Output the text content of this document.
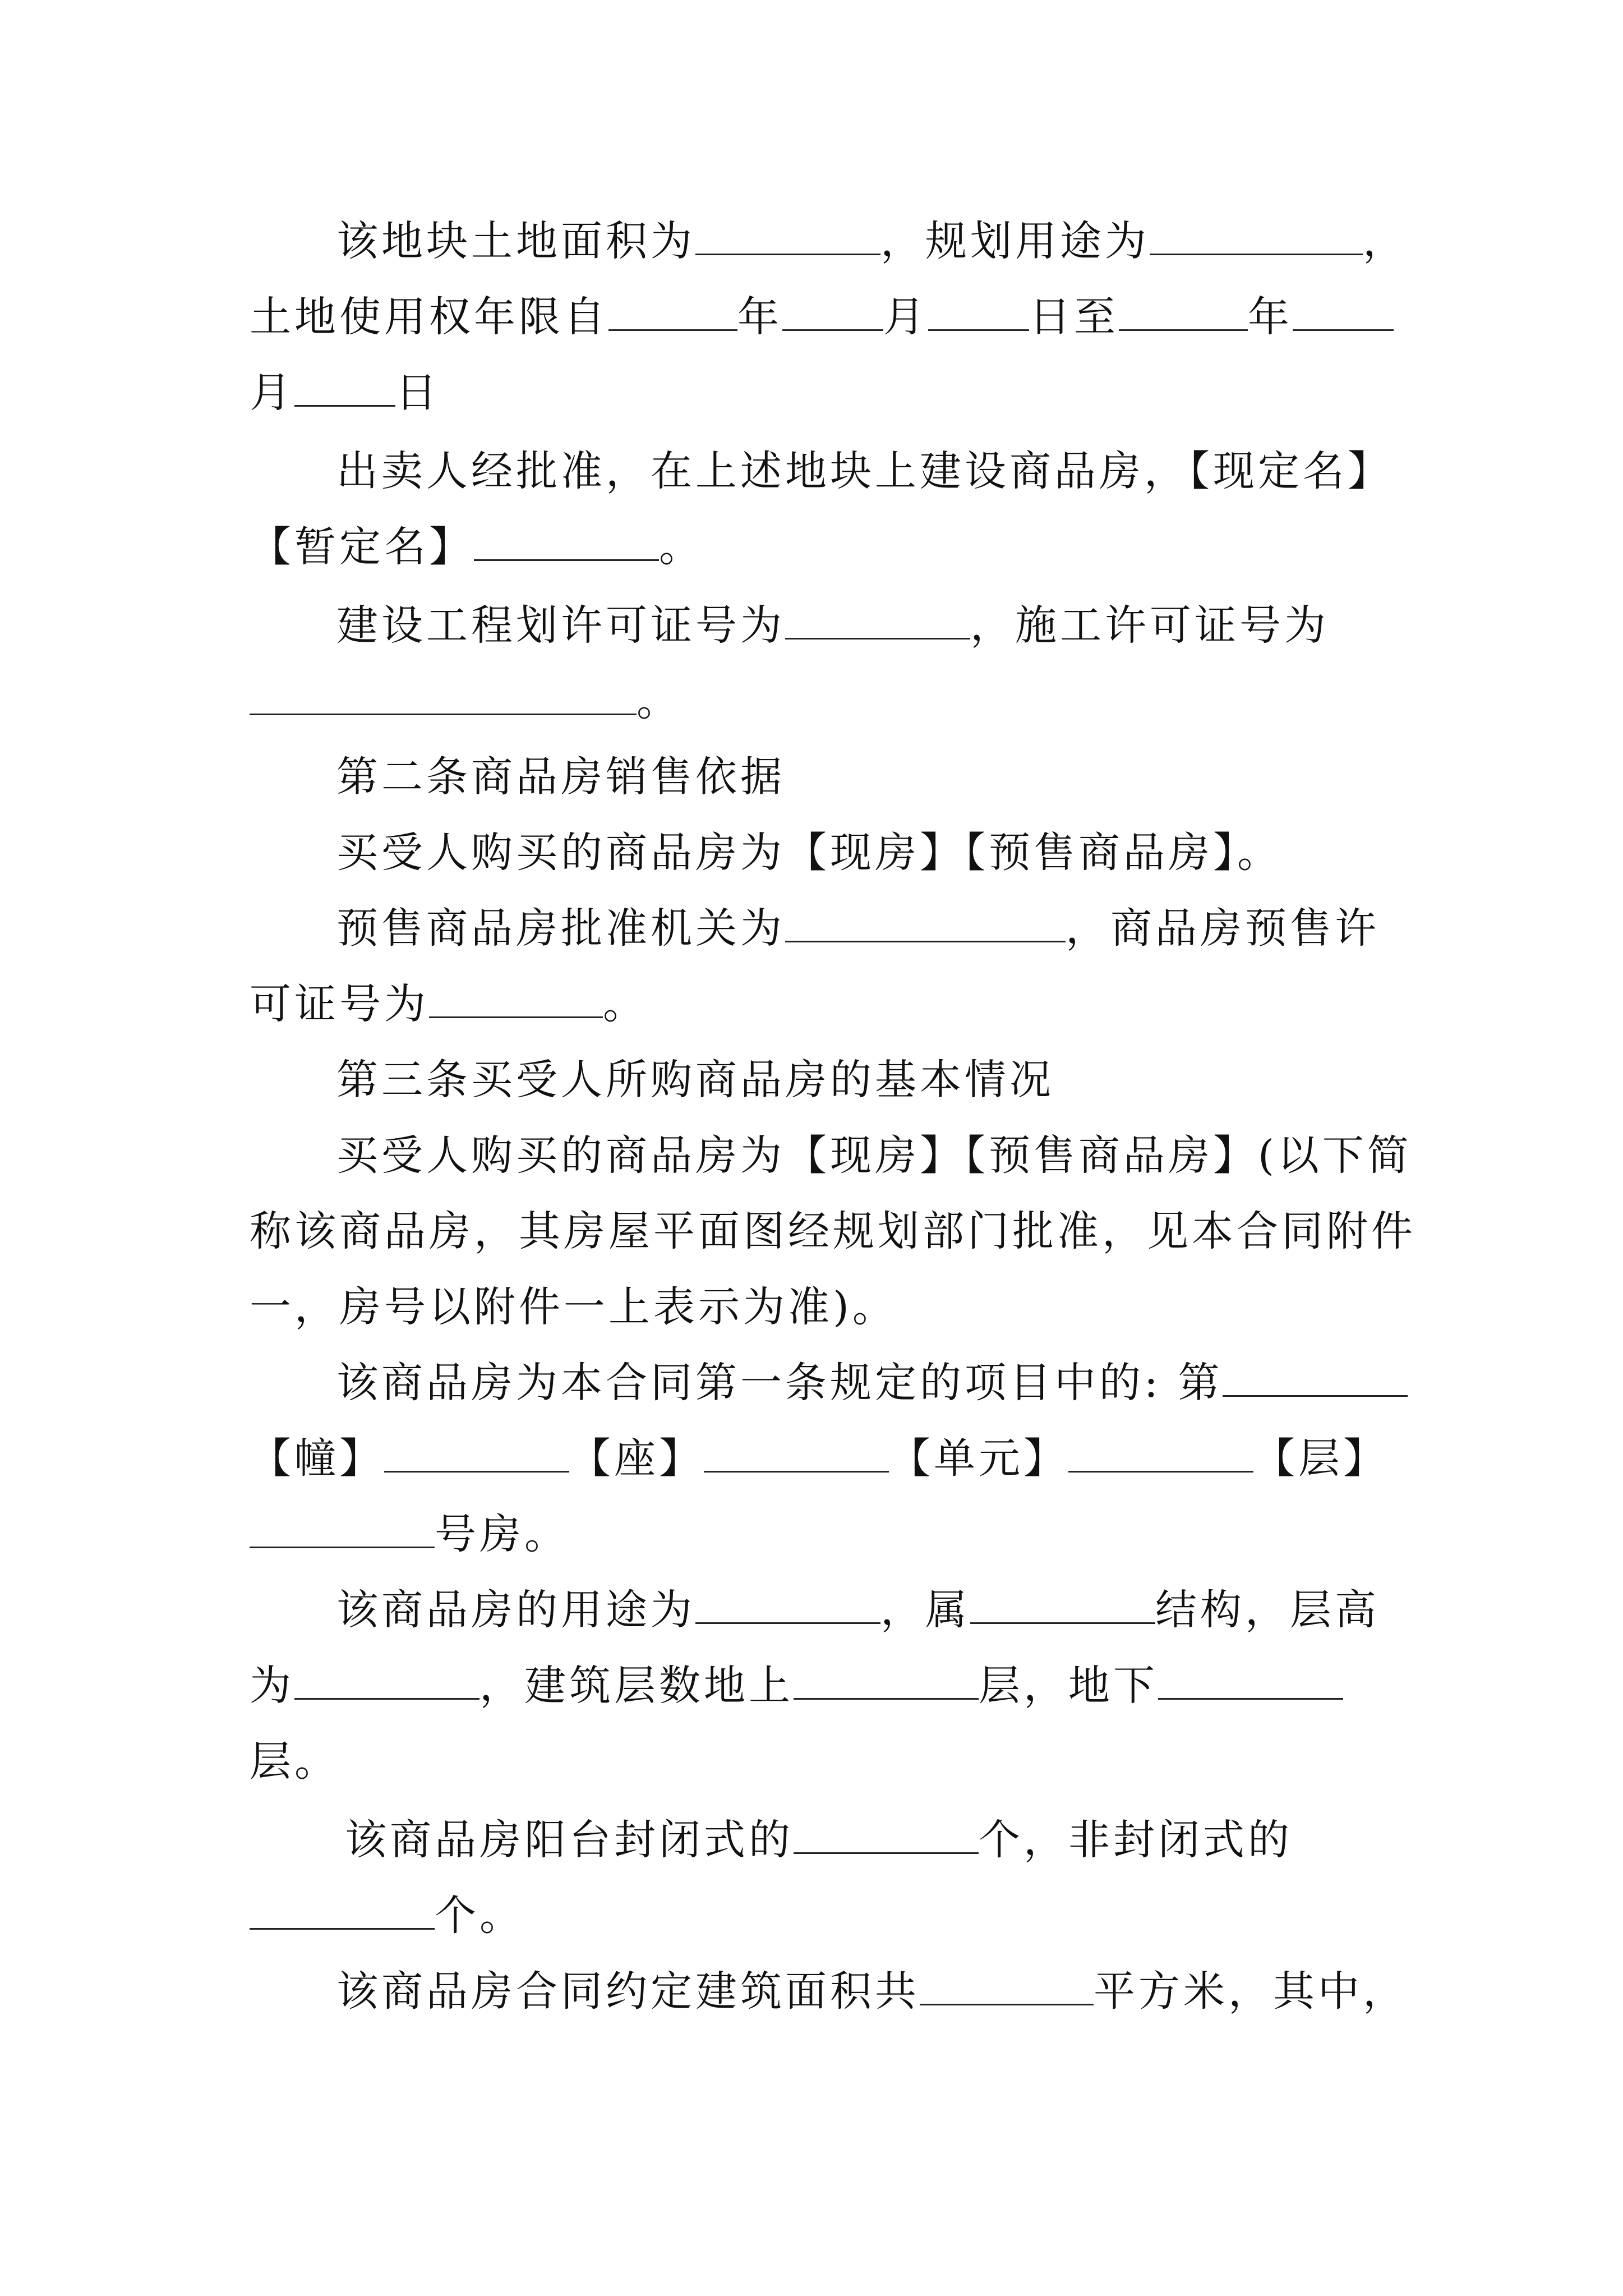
该地块土地面积为	，规划用途为	，
土地使用权年限自	年 月 日至	年
月 日
出卖人经批准，在上述地块上建设商品房，【现定名】
【暂定名】	。
建设工程划许可证号为	，施工许可证号为
。
第二条商品房销售依据
买受人购买的商品房为【现房】【预售商品房】。
预售商品房批准机关为	，商品房预售许
可证号为	。
第三条买受人所购商品房的基本情况
买受人购买的商品房为【现房】【预售商品房】(以下简
称该商品房，其房屋平面图经规划部门批准，见本合同附件
一，房号以附件一上表示为准)。
该商品房为本合同第一条规定的项目中的: 第
【幢】	【座】	【单元】	【层】
号房。
该商品房的用途为	，属	结构，层高
为	，建筑层数地上	层，地下
层。
该商品房阳台封闭式的	个，非封闭式的
个。
该商品房合同约定建筑面积共	平方米，其中，
